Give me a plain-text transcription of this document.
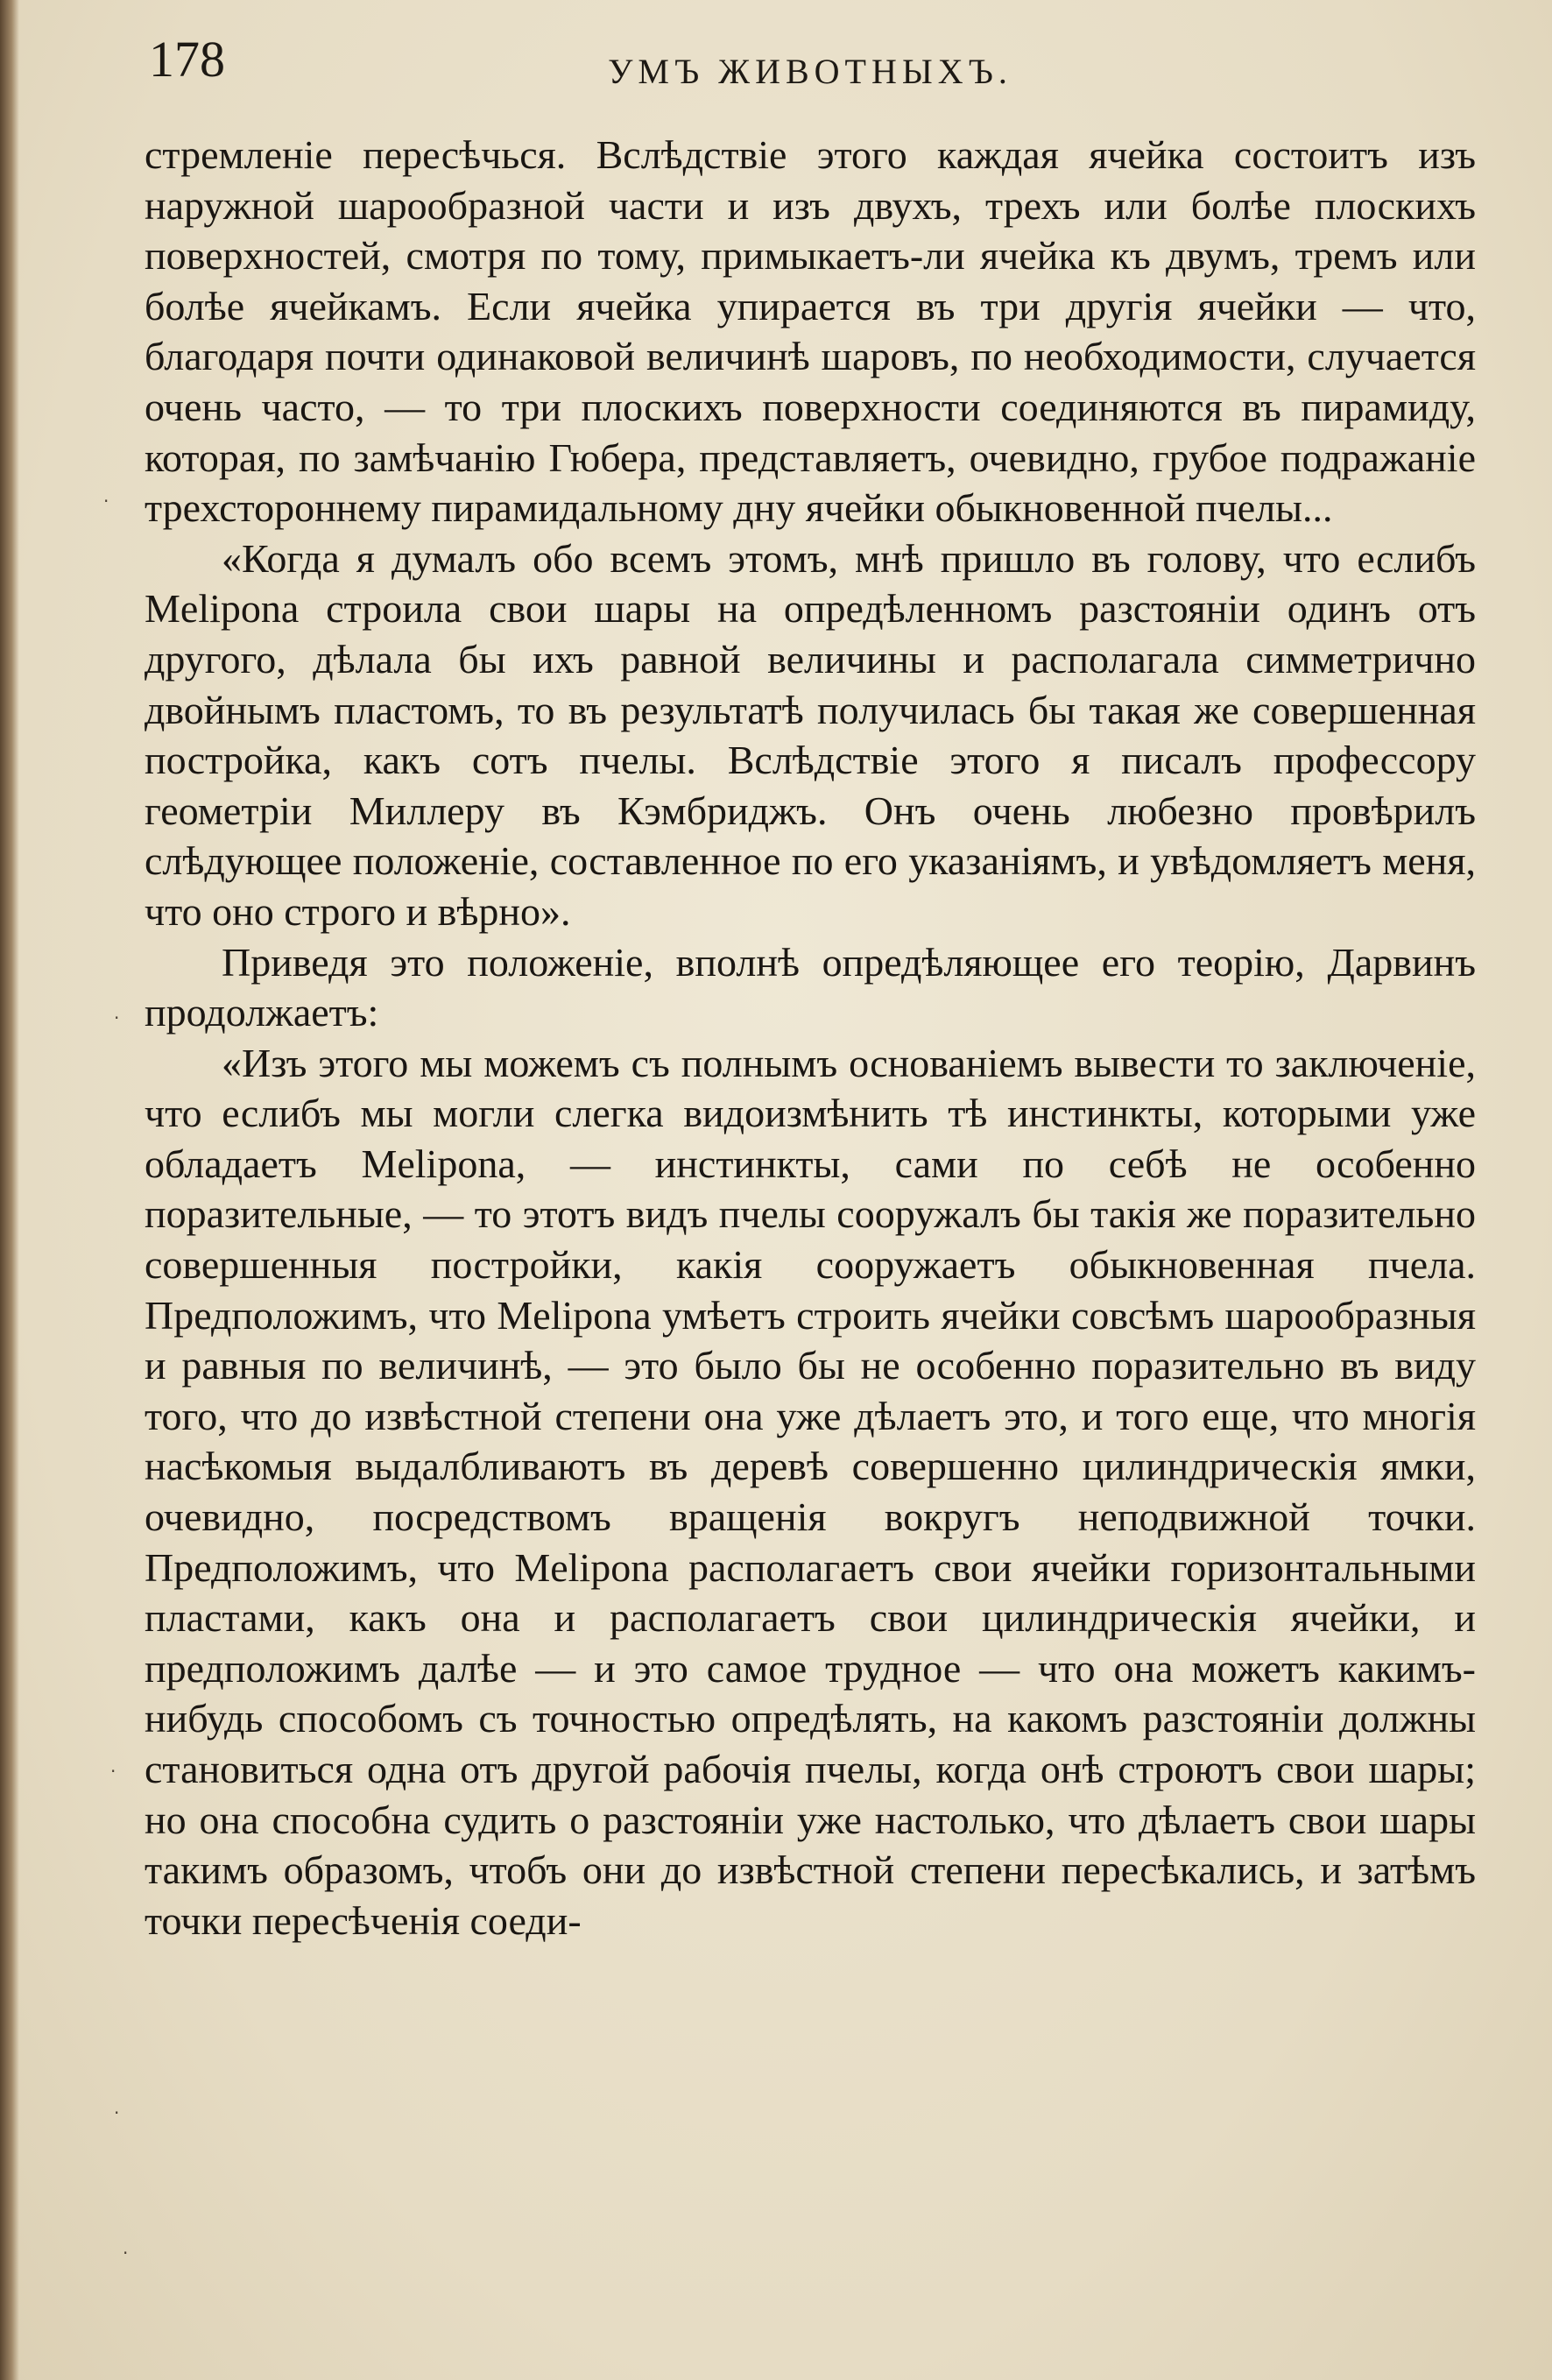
178	УМЪ ЖИВОТНЫХЪ.

стремленіе пересѣчься. Вслѣдствіе этого каждая ячейка состоитъ изъ наружной шарообразной части и изъ двухъ, трехъ или болѣе плоскихъ поверхностей, смотря по тому, примыкаетъ-ли ячейка къ двумъ, тремъ или болѣе ячейкамъ. Если ячейка упирается въ три другія ячейки — что, благодаря почти одинаковой величинѣ шаровъ, по необходимости, случается очень часто, — то три плоскихъ поверхности соединяются въ пирамиду, которая, по замѣчанію Гюбера, представляетъ, очевидно, грубое подражаніе трехстороннему пирамидальному дну ячейки обыкновенной пчелы...

«Когда я думалъ обо всемъ этомъ, мнѣ пришло въ голову, что еслибъ Melipona строила свои шары на опредѣленномъ разстояніи одинъ отъ другого, дѣлала бы ихъ равной величины и располагала симметрично двойнымъ пластомъ, то въ результатѣ получилась бы такая же совершенная постройка, какъ сотъ пчелы. Вслѣдствіе этого я писалъ профессору геометріи Миллеру въ Кэмбриджъ. Онъ очень любезно провѣрилъ слѣдующее положеніе, составленное по его указаніямъ, и увѣдомляетъ меня, что оно строго и вѣрно».

Приведя это положеніе, вполнѣ опредѣляющее его теорію, Дарвинъ продолжаетъ:

«Изъ этого мы можемъ съ полнымъ основаніемъ вывести то заключеніе, что еслибъ мы могли слегка видоизмѣнить тѣ инстинкты, которыми уже обладаетъ Melipona, — инстинкты, сами по себѣ не особенно поразительные, — то этотъ видъ пчелы сооружалъ бы такія же поразительно совершенныя постройки, какія сооружаетъ обыкновенная пчела. Предположимъ, что Melipona умѣетъ строить ячейки совсѣмъ шарообразныя и равныя по величинѣ, — это было бы не особенно поразительно въ виду того, что до извѣстной степени она уже дѣлаетъ это, и того еще, что многія насѣкомыя выдалбливаютъ въ деревѣ совершенно цилиндрическія ямки, очевидно, посредствомъ вращенія вокругъ неподвижной точки. Предположимъ, что Melipona располагаетъ свои ячейки горизонтальными пластами, какъ она и располагаетъ свои цилиндрическія ячейки, и предположимъ далѣе — и это самое трудное — что она можетъ какимъ-нибудь способомъ съ точностью опредѣлять, на какомъ разстояніи должны становиться одна отъ другой рабочія пчелы, когда онѣ строютъ свои шары; но она способна судить о разстояніи уже настолько, что дѣлаетъ свои шары такимъ образомъ, чтобъ они до извѣстной степени пересѣкались, и затѣмъ точки пересѣченія соеди-

·
·
·
·
·
